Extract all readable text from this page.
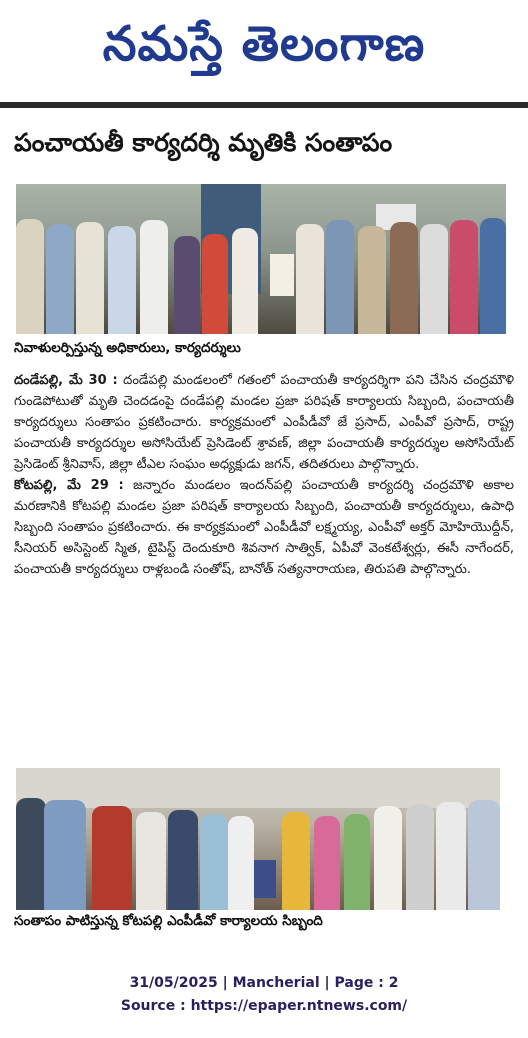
నమస్తే తెలంగాణ
పంచాయతీ కార్యదర్శి మృతికి సంతాపం
నివాళులర్పిస్తున్న అధికారులు, కార్యదర్శులు

దండేపల్లి, మే 30 : దండేపల్లి మండలంలో గతంలో పంచాయతీ కార్యదర్శిగా పని చేసిన చంద్రమౌళి గుండెపోటుతో మృతి చెందడంపై దండేపల్లి మండల ప్రజా పరిషత్ కార్యాలయ సిబ్బంది, పంచాయతీ కార్యదర్శులు సంతాపం ప్రకటించారు. కార్యక్రమంలో ఎంపీడీవో జే ప్రసాద్, ఎంపీవో ప్రసాద్, రాష్ట్ర పంచాయతీ కార్యదర్శుల అసోసియేట్ ప్రెసిడెంట్ శ్రావణ్, జిల్లా పంచాయతీ కార్యదర్శుల అసోసియేట్ ప్రెసిడెంట్ శ్రీనివాస్, జిల్లా టీఎల సంఘం అధ్యక్షుడు జగన్, తదితరులు పాల్గొన్నారు.

కోటపల్లి, మే 29 : జన్నారం మండలం ఇందన్‌పల్లి పంచాయతీ కార్యదర్శి చంద్రమౌళి అకాల మరణానికి కోటపల్లి మండల ప్రజా పరిషత్ కార్యాలయ సిబ్బంది, పంచాయతీ కార్యదర్శులు, ఉపాధి సిబ్బంది సంతాపం ప్రకటించారు. ఈ కార్యక్రమంలో ఎంపీడీవో లక్ష్మయ్య, ఎంపీవో అక్తర్ మోహియొద్దీన్, సీనియర్ అసిస్టెంట్ స్మిత, టైపిస్ట్ దెందుకూరి శివనాగ సాత్విక్, ఏపీవో వెంకటేశ్వర్లు, ఈసీ నాగేందర్, పంచాయతీ కార్యదర్శులు రాళ్లబండి సంతోష్, బానోత్ సత్యనారాయణ, తిరుపతి పాల్గొన్నారు.

సంతాపం పాటిస్తున్న కోటపల్లి ఎంపీడీవో కార్యాలయ సిబ్బంది
31/05/2025 | Mancherial | Page : 2
Source : https://epaper.ntnews.com/
